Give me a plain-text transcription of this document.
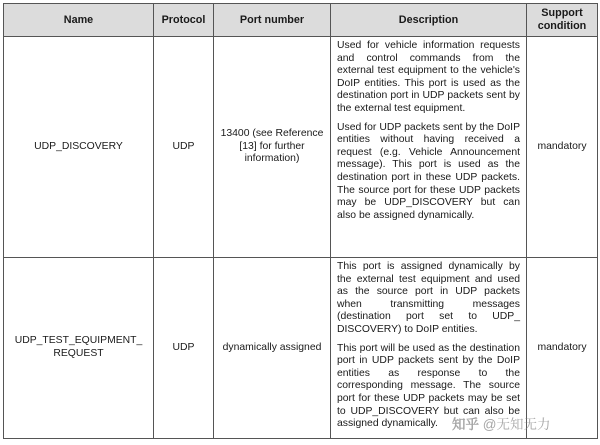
Name	Protocol	Port number	Description	Support condition
UDP_DISCOVERY	UDP	13400 (see Reference [13] for further information)	Used for vehicle information requests and control commands from the external test equipment to the vehicle's DoIP entities. This port is used as the destination port in UDP packets sent by the external test equipment.

Used for UDP packets sent by the DoIP entities without having received a request (e.g. Vehicle Announcement message). This port is used as the destination port in these UDP packets. The source port for these UDP packets may be UDP_DISCOVERY but can also be assigned dynamically.	mandatory
UDP_TEST_EQUIPMENT_ REQUEST	UDP	dynamically assigned	This port is assigned dynamically by the external test equipment and used as the source port in UDP packets when transmitting messages (destination port set to UDP_ DISCOVERY) to DoIP entities.

This port will be used as the destination port in UDP packets sent by the DoIP entities as response to the corresponding message. The source port for these UDP packets may be set to UDP_DISCOVERY but can also be assigned dynamically.	mandatory
知乎 @无知无力
